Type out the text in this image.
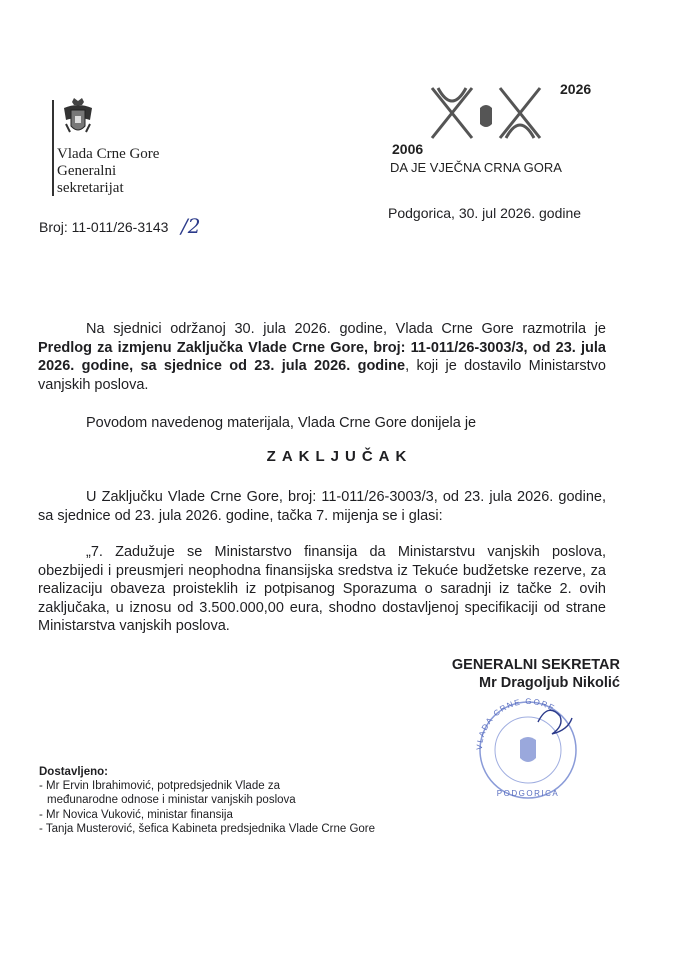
Vlada Crne Gore
Generalni
sekretarijat
2026
2006
DA JE VJEČNA CRNA GORA
Broj: 11-011/26-3143 /2
Podgorica, 30. jul 2026. godine
Na sjednici održanoj 30. jula 2026. godine, Vlada Crne Gore razmotrila je Predlog za izmjenu Zaključka Vlade Crne Gore, broj: 11-011/26-3003/3, od 23. jula 2026. godine, sa sjednice od 23. jula 2026. godine, koji je dostavilo Ministarstvo vanjskih poslova.
Povodom navedenog materijala, Vlada Crne Gore donijela je
ZAKLJUČAK
U Zaključku Vlade Crne Gore, broj: 11-011/26-3003/3, od 23. jula 2026. godine, sa sjednice od 23. jula 2026. godine, tačka 7. mijenja se i glasi:
„7. Zadužuje se Ministarstvo finansija da Ministarstvu vanjskih poslova, obezbijedi i preusmjeri neophodna finansijska sredstva iz Tekuće budžetske rezerve, za realizaciju obaveza proisteklih iz potpisanog Sporazuma o saradnji iz tačke 2. ovih zaključaka, u iznosu od 3.500.000,00 eura, shodno dostavljenoj specifikaciji od strane Ministarstva vanjskih poslova.
GENERALNI SEKRETAR
Mr Dragoljub Nikolić
VLADA CRNE GORE
PODGORICA
Dostavljeno:
- Mr Ervin Ibrahimović, potpredsjednik Vlade za
međunarodne odnose i ministar vanjskih poslova
- Mr Novica Vuković, ministar finansija
- Tanja Musterović, šefica Kabineta predsjednika Vlade Crne Gore
